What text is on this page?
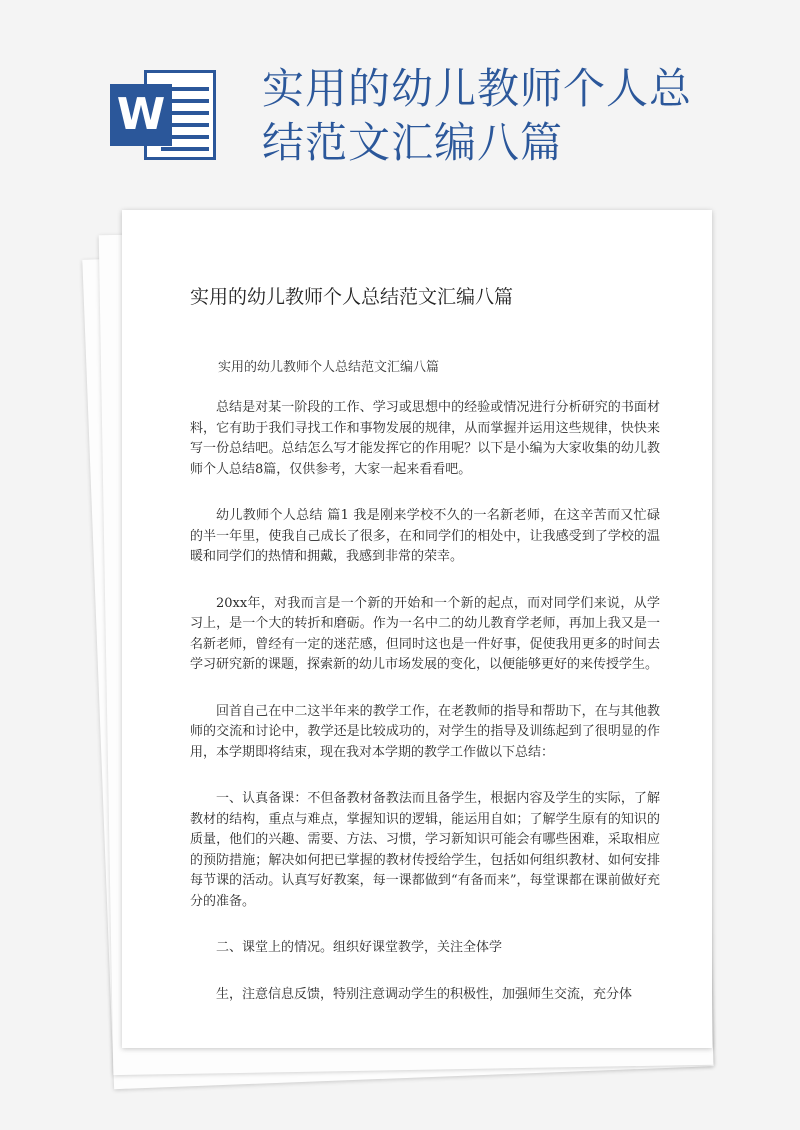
W
实用的幼儿教师个人总
结范文汇编八篇
实用的幼儿教师个人总结范文汇编八篇
实用的幼儿教师个人总结范文汇编八篇

总结是对某一阶段的工作、学习或思想中的经验或情况进行分析研究的书面材料，它有助于我们寻找工作和事物发展的规律，从而掌握并运用这些规律，快快来写一份总结吧。总结怎么写才能发挥它的作用呢？以下是小编为大家收集的幼儿教师个人总结8篇，仅供参考，大家一起来看看吧。

幼儿教师个人总结 篇1 我是刚来学校不久的一名新老师，在这辛苦而又忙碌的半一年里，使我自己成长了很多，在和同学们的相处中，让我感受到了学校的温暖和同学们的热情和拥戴，我感到非常的荣幸。

20xx年，对我而言是一个新的开始和一个新的起点，而对同学们来说，从学习上，是一个大的转折和磨砺。作为一名中二的幼儿教育学老师，再加上我又是一名新老师，曾经有一定的迷茫感，但同时这也是一件好事，促使我用更多的时间去学习研究新的课题，探索新的幼儿市场发展的变化，以便能够更好的来传授学生。

回首自己在中二这半年来的教学工作，在老教师的指导和帮助下，在与其他教师的交流和讨论中，教学还是比较成功的，对学生的指导及训练起到了很明显的作用，本学期即将结束，现在我对本学期的教学工作做以下总结：

一、认真备课：不但备教材备教法而且备学生，根据内容及学生的实际，了解教材的结构，重点与难点，掌握知识的逻辑，能运用自如；了解学生原有的知识的质量，他们的兴趣、需要、方法、习惯，学习新知识可能会有哪些困难，采取相应的预防措施；解决如何把已掌握的教材传授给学生，包括如何组织教材、如何安排每节课的活动。认真写好教案，每一课都做到“有备而来”，每堂课都在课前做好充分的准备。

二、课堂上的情况。组织好课堂教学，关注全体学

生，注意信息反馈，特别注意调动学生的积极性，加强师生交流，充分体
